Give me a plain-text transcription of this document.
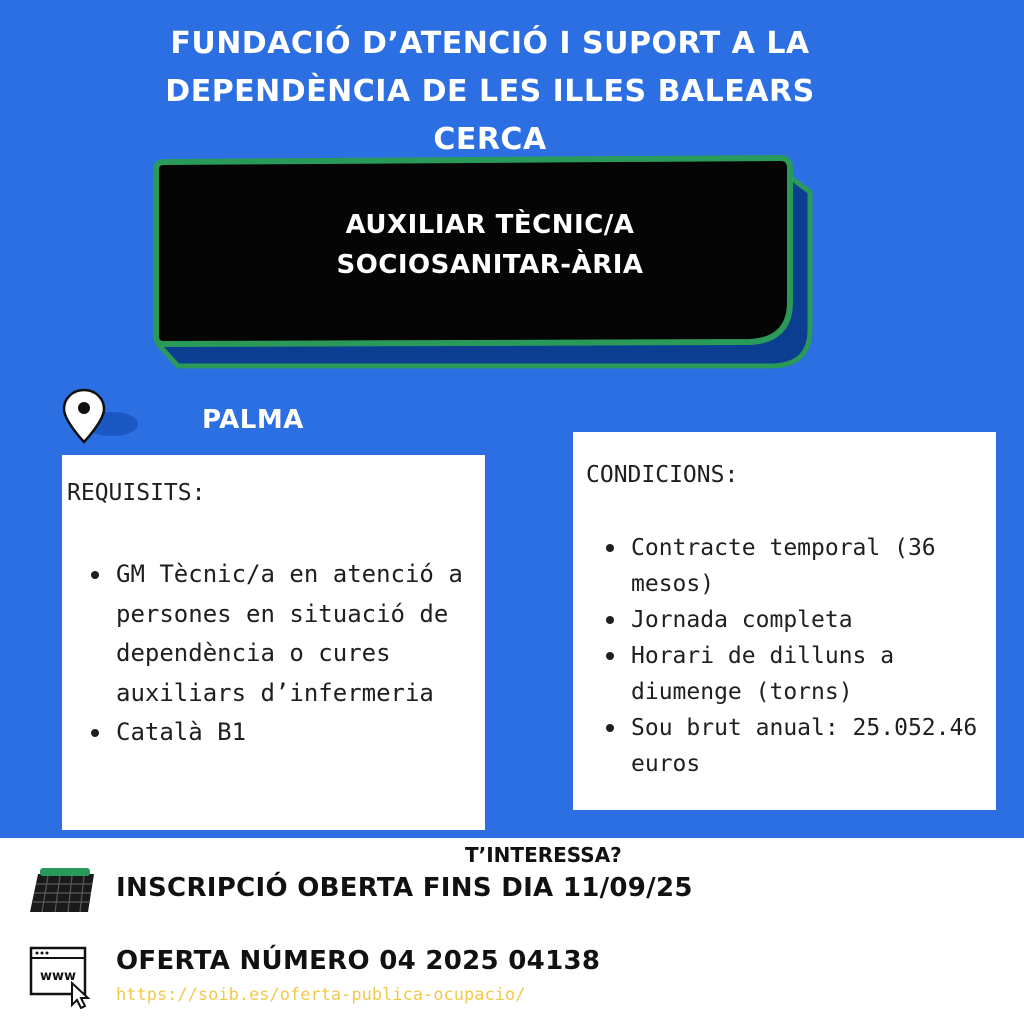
FUNDACIÓ D’ATENCIÓ I SUPORT A LA
DEPENDÈNCIA DE LES ILLES BALEARS
CERCA
AUXILIAR TÈCNIC/A
SOCIOSANITAR-ÀRIA
PALMA
REQUISITS:
GM Tècnic/a en atenció a persones en situació de dependència o cures auxiliars d’infermeria
Català B1
CONDICIONS:
Contracte temporal (36 mesos)
Jornada completa
Horari de dilluns a diumenge (torns)
Sou brut anual: 25.052.46 euros
T’INTERESSA?
INSCRIPCIÓ OBERTA FINS DIA 11/09/25
www
OFERTA NÚMERO 04 2025 04138
https://soib.es/oferta-publica-ocupacio/
